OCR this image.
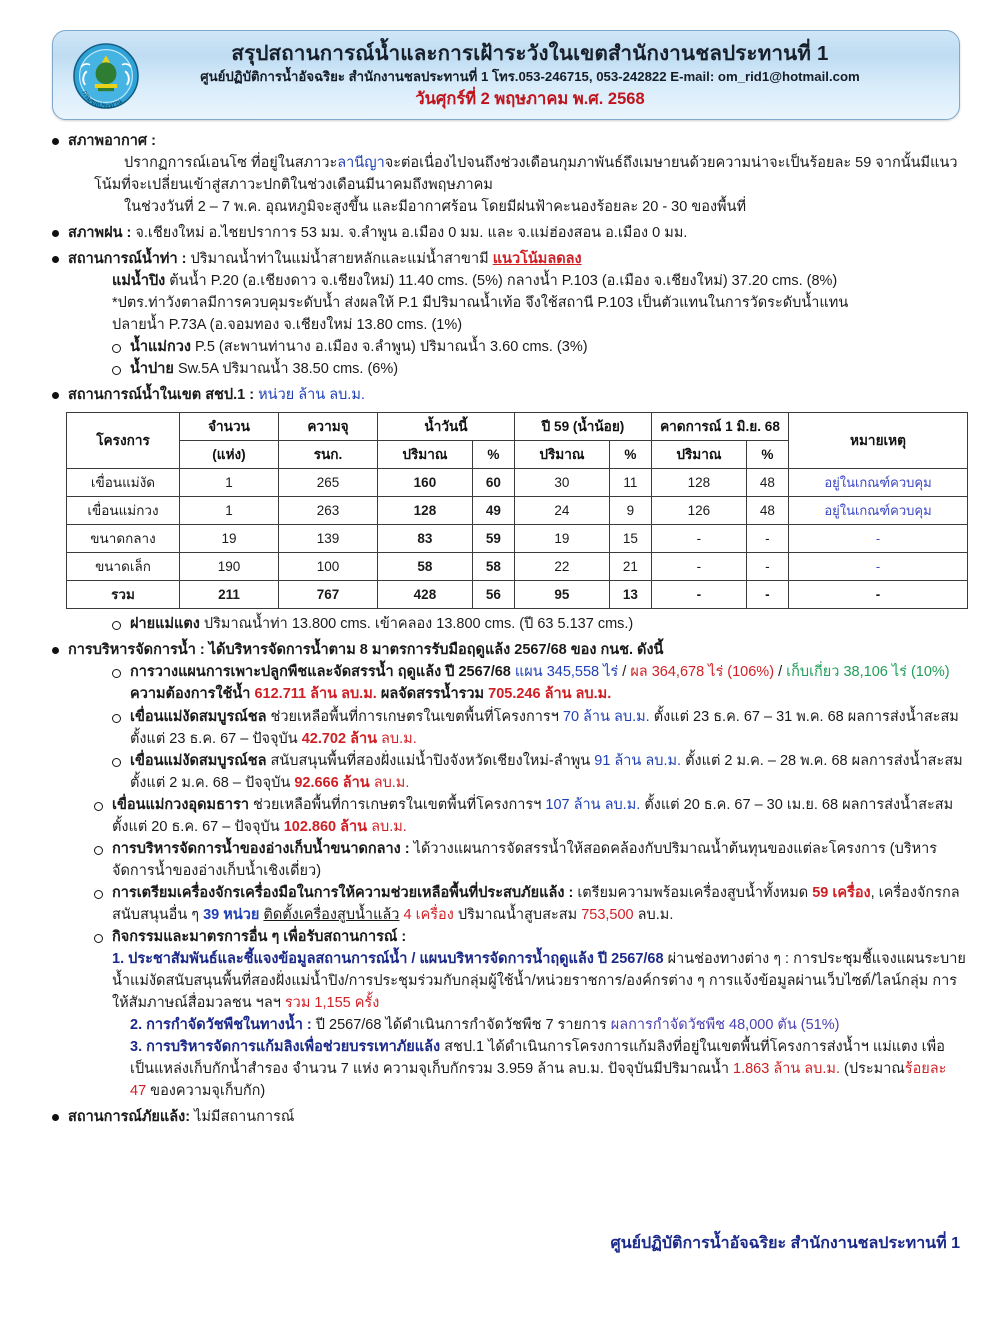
กรมชลประทาน
สรุปสถานการณ์น้ำและการเฝ้าระวังในเขตสำนักงานชลประทานที่ 1
ศูนย์ปฏิบัติการน้ำอัจฉริยะ สำนักงานชลประทานที่ 1 โทร.053-246715, 053-242822 E-mail: om_rid1@hotmail.com
วันศุกร์ที่ 2 พฤษภาคม พ.ศ. 2568
สภาพอากาศ :
ปรากฏการณ์เอนโซ ที่อยู่ในสภาวะลานีญาจะต่อเนื่องไปจนถึงช่วงเดือนกุมภาพันธ์ถึงเมษายนด้วยความน่าจะเป็นร้อยละ 59 จากนั้นมีแนวโน้มที่จะเปลี่ยนเข้าสู่สภาวะปกติในช่วงเดือนมีนาคมถึงพฤษภาคม
ในช่วงวันที่ 2 – 7 พ.ค. อุณหภูมิจะสูงขึ้น และมีอากาศร้อน โดยมีฝนฟ้าคะนองร้อยละ 20 - 30 ของพื้นที่
สภาพฝน : จ.เชียงใหม่ อ.ไชยปราการ 53 มม. จ.ลำพูน อ.เมือง 0 มม. และ จ.แม่ฮ่องสอน อ.เมือง 0 มม.
สถานการณ์น้ำท่า : ปริมาณน้ำท่าในแม่น้ำสายหลักและแม่น้ำสาขามี แนวโน้มลดลง
แม่น้ำปิง ต้นน้ำ P.20 (อ.เชียงดาว จ.เชียงใหม่) 11.40 cms. (5%) กลางน้ำ P.103 (อ.เมือง จ.เชียงใหม่) 37.20 cms. (8%)
*ปตร.ท่าวังตาลมีการควบคุมระดับน้ำ ส่งผลให้ P.1 มีปริมาณน้ำเท้อ จึงใช้สถานี P.103 เป็นตัวแทนในการวัดระดับน้ำแทน
ปลายน้ำ P.73A (อ.จอมทอง จ.เชียงใหม่ 13.80 cms. (1%)
น้ำแม่กวง P.5 (สะพานท่านาง อ.เมือง จ.ลำพูน) ปริมาณน้ำ 3.60 cms. (3%)
น้ำปาย Sw.5A ปริมาณน้ำ 38.50 cms. (6%)
สถานการณ์น้ำในเขต สชป.1 : หน่วย ล้าน ลบ.ม.
โครงการ	จำนวน	ความจุ	น้ำวันนี้		ปี 59 (น้ำน้อย)		คาดการณ์ 1 มิ.ย. 68		หมายเหตุ
	(แห่ง)	รนก.	ปริมาณ	%	ปริมาณ	%	ปริมาณ	%	
เขื่อนแม่งัด	1	265	160	60	30	11	128	48	อยู่ในเกณฑ์ควบคุม
เขื่อนแม่กวง	1	263	128	49	24	9	126	48	อยู่ในเกณฑ์ควบคุม
ขนาดกลาง	19	139	83	59	19	15	-	-	-
ขนาดเล็ก	190	100	58	58	22	21	-	-	-
รวม	211	767	428	56	95	13	-	-	-
ฝายแม่แตง ปริมาณน้ำท่า 13.800 cms. เข้าคลอง 13.800 cms. (ปี 63 5.137 cms.)
การบริหารจัดการน้ำ : ได้บริหารจัดการน้ำตาม 8 มาตรการรับมือฤดูแล้ง 2567/68 ของ กนช. ดังนี้
การวางแผนการเพาะปลูกพืชและจัดสรรน้ำ ฤดูแล้ง ปี 2567/68 แผน 345,558 ไร่ / ผล 364,678 ไร่ (106%) / เก็บเกี่ยว 38,106 ไร่ (10%)
ความต้องการใช้น้ำ 612.711 ล้าน ลบ.ม. ผลจัดสรรน้ำรวม 705.246 ล้าน ลบ.ม.
เขื่อนแม่งัดสมบูรณ์ชล ช่วยเหลือพื้นที่การเกษตรในเขตพื้นที่โครงการฯ 70 ล้าน ลบ.ม. ตั้งแต่ 23 ธ.ค. 67 – 31 พ.ค. 68 ผลการส่งน้ำสะสม ตั้งแต่ 23 ธ.ค. 67 – ปัจจุบัน 42.702 ล้าน ลบ.ม.
เขื่อนแม่งัดสมบูรณ์ชล สนับสนุนพื้นที่สองฝั่งแม่น้ำปิงจังหวัดเชียงใหม่-ลำพูน 91 ล้าน ลบ.ม. ตั้งแต่ 2 ม.ค. – 28 พ.ค. 68 ผลการส่งน้ำสะสม ตั้งแต่ 2 ม.ค. 68 – ปัจจุบัน 92.666 ล้าน ลบ.ม.
เขื่อนแม่กวงอุดมธารา ช่วยเหลือพื้นที่การเกษตรในเขตพื้นที่โครงการฯ 107 ล้าน ลบ.ม. ตั้งแต่ 20 ธ.ค. 67 – 30 เม.ย. 68 ผลการส่งน้ำสะสม ตั้งแต่ 20 ธ.ค. 67 – ปัจจุบัน 102.860 ล้าน ลบ.ม.
การบริหารจัดการน้ำของอ่างเก็บน้ำขนาดกลาง : ได้วางแผนการจัดสรรน้ำให้สอดคล้องกับปริมาณน้ำต้นทุนของแต่ละโครงการ (บริหารจัดการน้ำของอ่างเก็บน้ำเชิงเดี่ยว)
การเตรียมเครื่องจักรเครื่องมือในการให้ความช่วยเหลือพื้นที่ประสบภัยแล้ง : เตรียมความพร้อมเครื่องสูบน้ำทั้งหมด 59 เครื่อง, เครื่องจักรกลสนับสนุนอื่น ๆ 39 หน่วย ติดตั้งเครื่องสูบน้ำแล้ว 4 เครื่อง ปริมาณน้ำสูบสะสม 753,500 ลบ.ม.
กิจกรรมและมาตรการอื่น ๆ เพื่อรับสถานการณ์ :
1. ประชาสัมพันธ์และชี้แจงข้อมูลสถานการณ์น้ำ / แผนบริหารจัดการน้ำฤดูแล้ง ปี 2567/68 ผ่านช่องทางต่าง ๆ : การประชุมชี้แจงแผนระบายน้ำแม่งัดสนับสนุนพื้นที่สองฝั่งแม่น้ำปิง/การประชุมร่วมกับกลุ่มผู้ใช้น้ำ/หน่วยราชการ/องค์กรต่าง ๆ การแจ้งข้อมูลผ่านเว็บไซต์/ไลน์กลุ่ม การให้สัมภาษณ์สื่อมวลชน ฯลฯ รวม 1,155 ครั้ง
2. การกำจัดวัชพืชในทางน้ำ : ปี 2567/68 ได้ดำเนินการกำจัดวัชพืช 7 รายการ ผลการกำจัดวัชพืช 48,000 ตัน (51%)
3. การบริหารจัดการแก้มลิงเพื่อช่วยบรรเทาภัยแล้ง สชป.1 ได้ดำเนินการโครงการแก้มลิงที่อยู่ในเขตพื้นที่โครงการส่งน้ำฯ แม่แตง เพื่อเป็นแหล่งเก็บกักน้ำสำรอง จำนวน 7 แห่ง ความจุเก็บกักรวม 3.959 ล้าน ลบ.ม. ปัจจุบันมีปริมาณน้ำ 1.863 ล้าน ลบ.ม. (ประมาณร้อยละ 47 ของความจุเก็บกัก)
สถานการณ์ภัยแล้ง: ไม่มีสถานการณ์
ศูนย์ปฏิบัติการน้ำอัจฉริยะ สำนักงานชลประทานที่ 1
